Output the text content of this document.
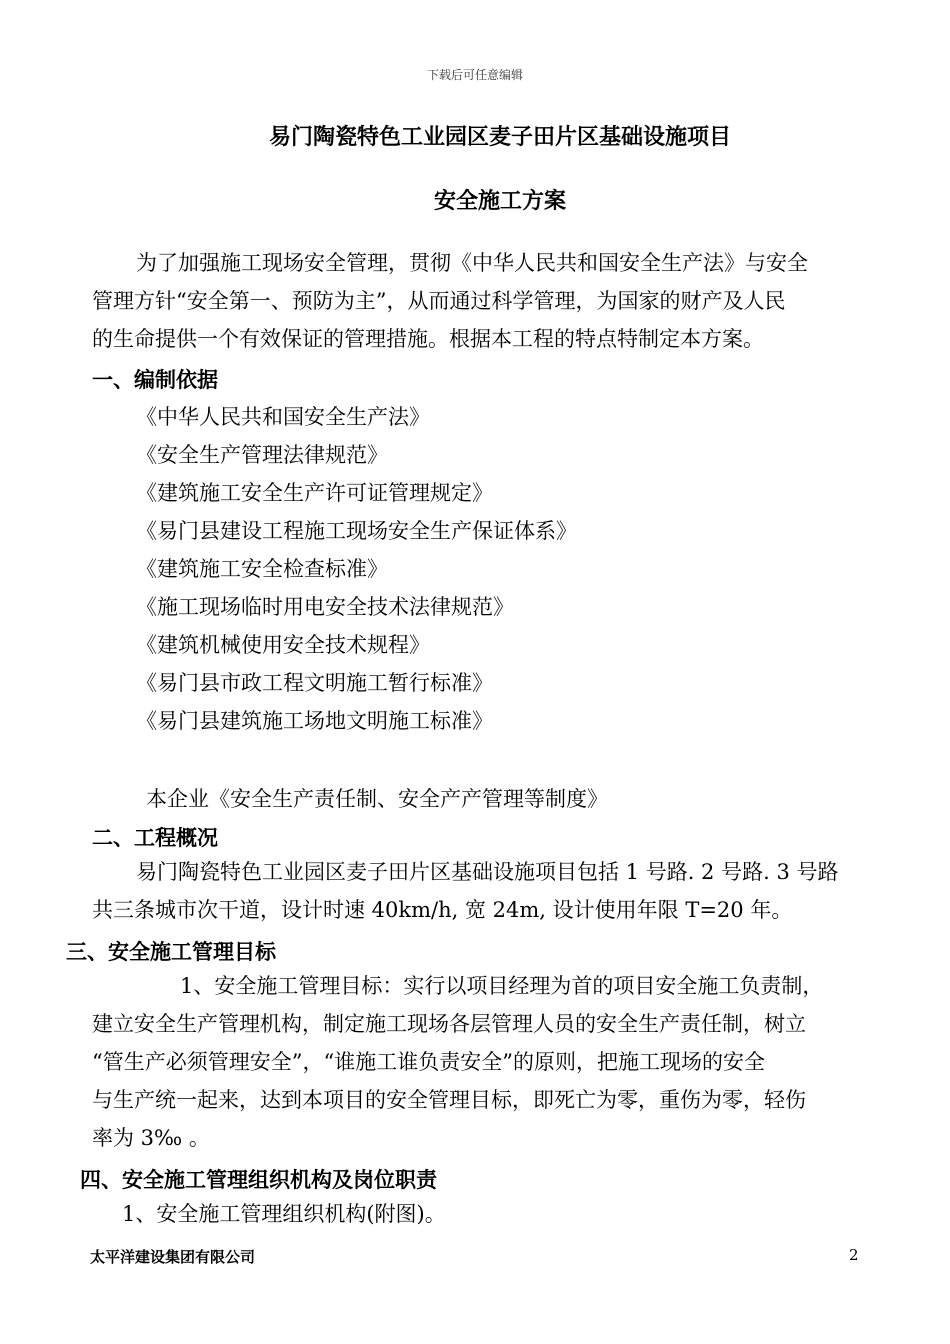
下载后可任意编辑
易门陶瓷特色工业园区麦子田片区基础设施项目
安全施工方案
为了加强施工现场安全管理，贯彻《中华人民共和国安全生产法》与安全
管理方针“安全第一、预防为主”，从而通过科学管理，为国家的财产及人民
的生命提供一个有效保证的管理措施。根据本工程的特点特制定本方案。
一、编制依据
《中华人民共和国安全生产法》
《安全生产管理法律规范》
《建筑施工安全生产许可证管理规定》
《易门县建设工程施工现场安全生产保证体系》
《建筑施工安全检查标准》
《施工现场临时用电安全技术法律规范》
《建筑机械使用安全技术规程》
《易门县市政工程文明施工暂行标准》
《易门县建筑施工场地文明施工标准》
本企业《安全生产责任制、安全产产管理等制度》
二、工程概况
易门陶瓷特色工业园区麦子田片区基础设施项目包括 1 号路. 2 号路. 3 号路
共三条城市次干道，设计时速 40km/h, 宽 24m, 设计使用年限 T=20 年。
三、安全施工管理目标
1、安全施工管理目标：实行以项目经理为首的项目安全施工负责制，
建立安全生产管理机构，制定施工现场各层管理人员的安全生产责任制，树立
“管生产必须管理安全”，“谁施工谁负责安全”的原则，把施工现场的安全
与生产统一起来，达到本项目的安全管理目标，即死亡为零，重伤为零，轻伤
率为 3‰ 。
四、安全施工管理组织机构及岗位职责
1、安全施工管理组织机构(附图)。
太平洋建设集团有限公司	2
